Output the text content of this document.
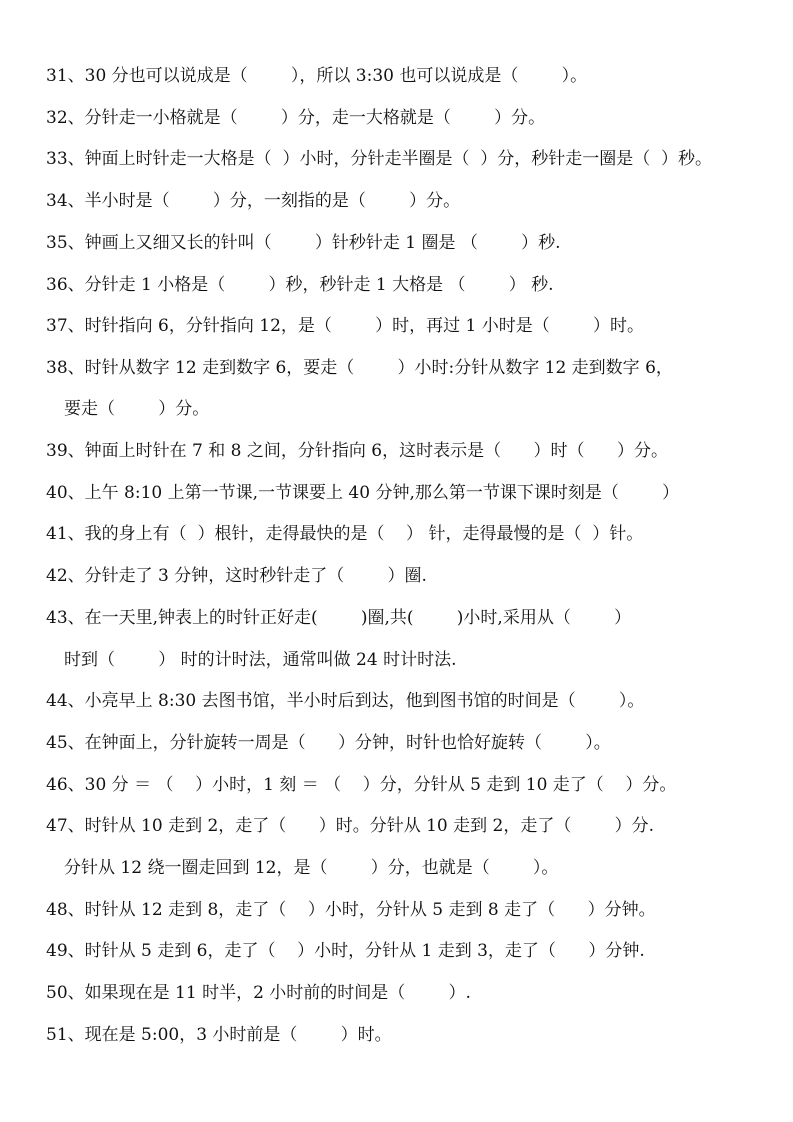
31、30 分也可以说成是（        ），所以 3:30 也可以说成是（        ）。
32、分针走一小格就是（        ）分，走一大格就是（        ）分。
33、钟面上时针走一大格是（  ）小时，分针走半圈是（  ）分，秒针走一圈是（  ）秒。
34、半小时是（        ）分，一刻指的是（        ）分。
35、钟画上又细又长的针叫（        ）针秒针走 1 圈是 （        ）秒.
36、分针走 1 小格是（        ）秒，秒针走 1 大格是 （        ） 秒.
37、时针指向 6，分针指向 12，是（        ）时，再过 1 小时是（        ）时。
38、时针从数字 12 走到数字 6，要走（        ）小时:分针从数字 12 走到数字 6，
要走（        ）分。
39、钟面上时针在 7 和 8 之间，分针指向 6，这时表示是（      ）时（      ）分。
40、上午 8:10 上第一节课,一节课要上 40 分钟,那么第一节课下课时刻是（        ）
41、我的身上有（  ）根针，走得最快的是（    ） 针，走得最慢的是（  ）针。
42、分针走了 3 分钟，这时秒针走了（        ）圈.
43、在一天里,钟表上的时针正好走(        )圈,共(        )小时,采用从（        ）
时到（        ） 时的计时法，通常叫做 24 时计时法.
44、小亮早上 8:30 去图书馆，半小时后到达，他到图书馆的时间是（        ）。
45、在钟面上，分针旋转一周是（      ）分钟，时针也恰好旋转（        ）。
46、30 分 ＝ （    ）小时，1 刻 ＝ （    ）分，分针从 5 走到 10 走了（    ）分。
47、时针从 10 走到 2，走了（      ）时。分针从 10 走到 2，走了（        ）分.
分针从 12 绕一圈走回到 12，是（        ）分，也就是（        ）。
48、时针从 12 走到 8，走了（    ）小时，分针从 5 走到 8 走了（      ）分钟。
49、时针从 5 走到 6，走了（    ）小时，分针从 1 走到 3，走了（      ）分钟.
50、如果现在是 11 时半，2 小时前的时间是（        ）.
51、现在是 5:00，3 小时前是（        ）时。
